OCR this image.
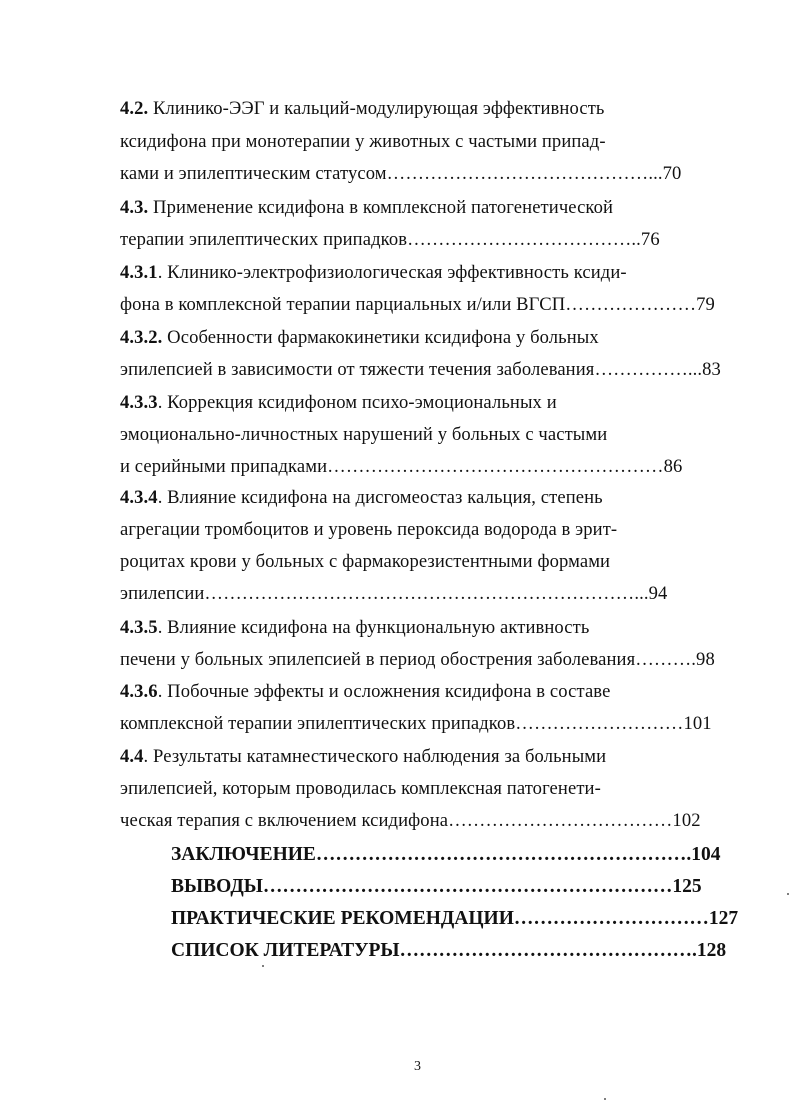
4.2. Клинико-ЭЭГ и кальций-модулирующая эффективность
ксидифона при монотерапии у животных с частыми припад-
ками и эпилептическим статусом……………………………………...70
4.3. Применение ксидифона в комплексной патогенетической
терапии эпилептических припадков………………………………..76
4.3.1. Клинико-электрофизиологическая эффективность ксиди-
фона в комплексной терапии парциальных и/или ВГСП…………………79
4.3.2. Особенности фармакокинетики ксидифона у больных
эпилепсией в зависимости от тяжести течения заболевания……………...83
4.3.3. Коррекция ксидифоном психо-эмоциональных и
эмоционально-личностных нарушений у больных с частыми
и серийными припадками………………………………………………86
4.3.4. Влияние ксидифона на дисгомеостаз кальция, степень
агрегации тромбоцитов и уровень пероксида водорода в эрит-
роцитах крови у больных с фармакорезистентными формами
эпилепсии……………………………………………………………...94
4.3.5. Влияние ксидифона на функциональную активность
печени у больных эпилепсией в период обострения заболевания……….98
4.3.6. Побочные эффекты и осложнения ксидифона в составе
комплексной терапии эпилептических припадков………………………101
4.4. Результаты катамнестического наблюдения за больными
эпилепсией, которым проводилась комплексная патогенети-
ческая терапия с включением ксидифона………………………………102
ЗАКЛЮЧЕНИЕ………………………………………………….104
ВЫВОДЫ………………………………………………………125
ПРАКТИЧЕСКИЕ РЕКОМЕНДАЦИИ…………………………127
СПИСОК ЛИТЕРАТУРЫ……………………………………….128
3
